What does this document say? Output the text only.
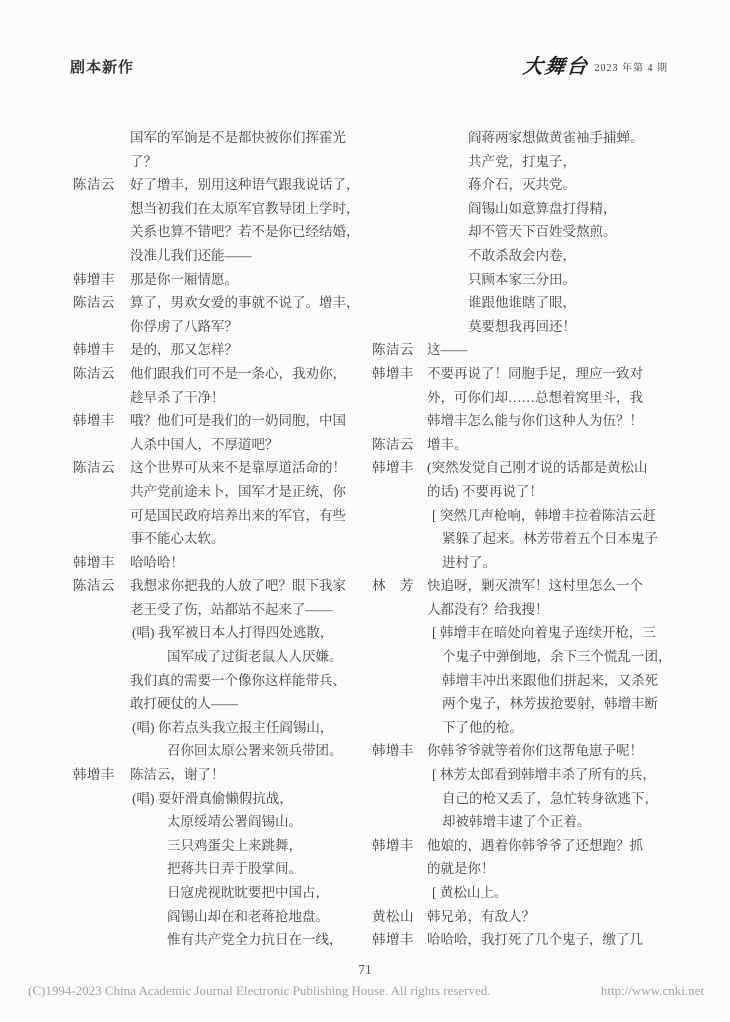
剧本新作	大舞台 2023 年第 4 期
国军的军饷是不是都快被你们挥霍光
了？
陈洁云 好了增丰，别用这种语气跟我说话了，
想当初我们在太原军官教导团上学时，
关系也算不错吧？若不是你已经结婚，
没准儿我们还能——
韩增丰 那是你一厢情愿。
陈洁云 算了，男欢女爱的事就不说了。增丰，
你俘虏了八路军？
韩增丰 是的，那又怎样？
陈洁云 他们跟我们可不是一条心，我劝你，
趁早杀了干净！
韩增丰 哦？他们可是我们的一奶同胞，中国
人杀中国人，不厚道吧？
陈洁云 这个世界可从来不是靠厚道活命的！
共产党前途未卜，国军才是正统，你
可是国民政府培养出来的军官，有些
事不能心太软。
韩增丰 哈哈哈！
陈洁云 我想求你把我的人放了吧？眼下我家
老王受了伤，站都站不起来了——
(唱) 我军被日本人打得四处逃散，
国军成了过街老鼠人人厌嫌。
我们真的需要一个像你这样能带兵、
敢打硬仗的人——
(唱) 你若点头我立报主任阎锡山，
召你回太原公署来领兵带团。
韩增丰 陈洁云，谢了！
(唱) 耍奸滑真偷懒假抗战，
太原绥靖公署阎锡山。
三只鸡蛋尖上来跳舞，
把蒋共日弄于股掌间。
日寇虎视眈眈要把中国占，
阎锡山却在和老蒋抢地盘。
惟有共产党全力抗日在一线，
阎蒋两家想做黄雀袖手捕蝉。
共产党，打鬼子，
蒋介石，灭共党。
阎锡山如意算盘打得精，
却不管天下百姓受熬煎。
不敢杀敌会内卷，
只顾本家三分田。
谁跟他谁瞎了眼，
莫要想我再回还！
陈洁云 这——
韩增丰 不要再说了！同胞手足，理应一致对
外，可你们却……总想着窝里斗，我
韩增丰怎么能与你们这种人为伍？！
陈洁云 增丰。
韩增丰 (突然发觉自己刚才说的话都是黄松山
的话) 不要再说了！
[ 突然几声枪响，韩增丰拉着陈洁云赶
紧躲了起来。林芳带着五个日本鬼子
进村了。
林　芳 快追呀，剿灭溃军！这村里怎么一个
人都没有？给我搜！
[ 韩增丰在暗处向着鬼子连续开枪，三
个鬼子中弹倒地，余下三个慌乱一团，
韩增丰冲出来跟他们拼起来，又杀死
两个鬼子，林芳拔抢要射，韩增丰断
下了他的枪。
韩增丰 你韩爷爷就等着你们这帮龟崽子呢！
[ 林芳太郎看到韩增丰杀了所有的兵，
自己的枪又丢了，急忙转身欲逃下，
却被韩增丰逮了个正着。
韩增丰 他娘的，遇着你韩爷爷了还想跑？抓
的就是你！
[ 黄松山上。
黄松山 韩兄弟，有敌人？
韩增丰 哈哈哈，我打死了几个鬼子，缴了几
71
(C)1994-2023 China Academic Journal Electronic Publishing House. All rights reserved.	http://www.cnki.net
